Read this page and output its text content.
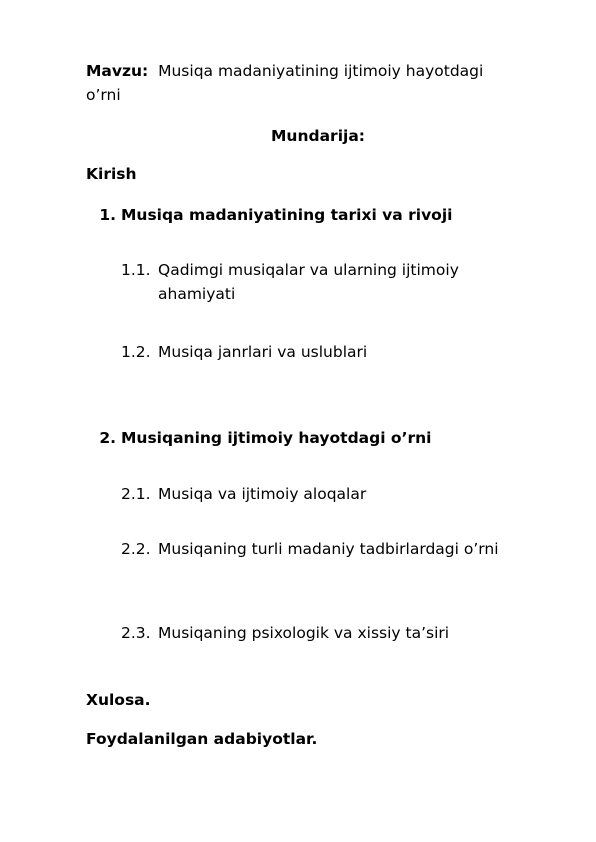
Mavzu: Musiqa madaniyatining ijtimoiy hayotdagi
o’rni
Mundarija:
Kirish
1. Musiqa madaniyatining tarixi va rivoji
1.1. Qadimgi musiqalar va ularning ijtimoiy
ahamiyati
1.2. Musiqa janrlari va uslublari
2. Musiqaning ijtimoiy hayotdagi o’rni
2.1. Musiqa va ijtimoiy aloqalar
2.2. Musiqaning turli madaniy tadbirlardagi o’rni
2.3. Musiqaning psixologik va xissiy ta’siri
Xulosa.
Foydalanilgan adabiyotlar.
